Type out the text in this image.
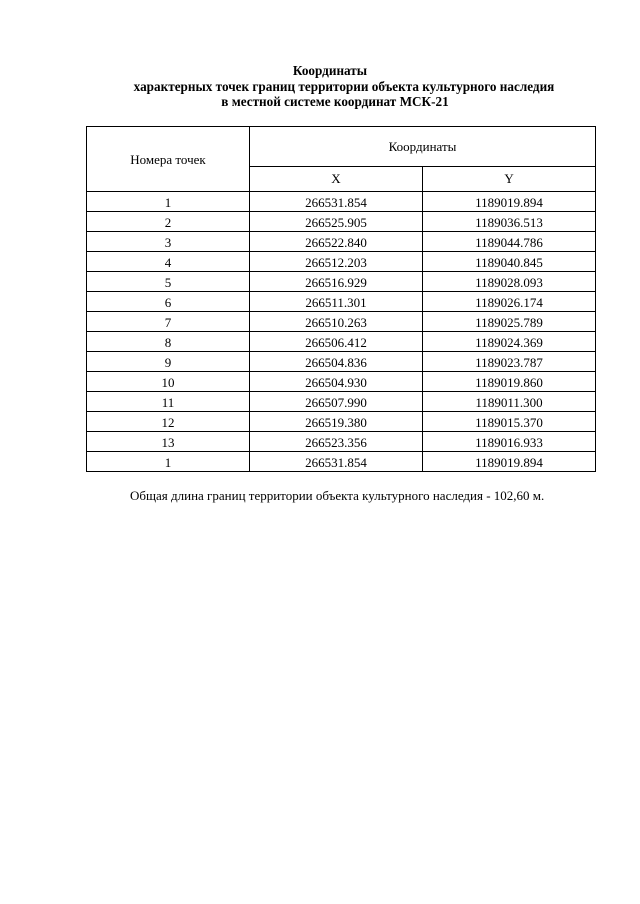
Координаты
характерных точек границ территории объекта культурного наследия
в местной системе координат МСК-21
Номера точек	Координаты	
	X	Y
1	266531.854	1189019.894
2	266525.905	1189036.513
3	266522.840	1189044.786
4	266512.203	1189040.845
5	266516.929	1189028.093
6	266511.301	1189026.174
7	266510.263	1189025.789
8	266506.412	1189024.369
9	266504.836	1189023.787
10	266504.930	1189019.860
11	266507.990	1189011.300
12	266519.380	1189015.370
13	266523.356	1189016.933
1	266531.854	1189019.894
Общая длина границ территории объекта культурного наследия - 102,60 м.
